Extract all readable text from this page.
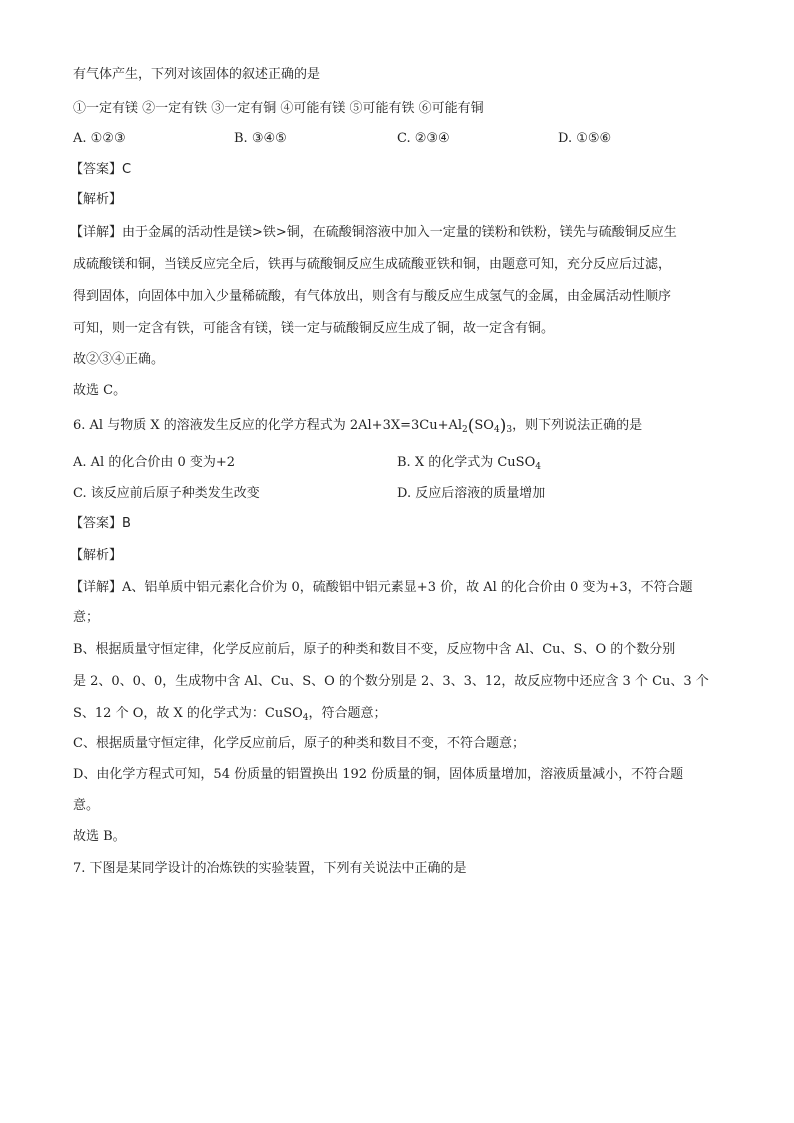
有气体产生，下列对该固体的叙述正确的是
①一定有镁 ②一定有铁 ③一定有铜 ④可能有镁 ⑤可能有铁 ⑥可能有铜
A. ①②③	B. ③④⑤	C. ②③④	D. ①⑤⑥
【答案】C
【解析】
【详解】由于金属的活动性是镁>铁>铜，在硫酸铜溶液中加入一定量的镁粉和铁粉，镁先与硫酸铜反应生
成硫酸镁和铜，当镁反应完全后，铁再与硫酸铜反应生成硫酸亚铁和铜，由题意可知，充分反应后过滤，
得到固体，向固体中加入少量稀硫酸，有气体放出，则含有与酸反应生成氢气的金属，由金属活动性顺序
可知，则一定含有铁，可能含有镁，镁一定与硫酸铜反应生成了铜，故一定含有铜。
故②③④正确。
故选 C。
6. Al 与物质 X 的溶液发生反应的化学方程式为 $2Al+3X=3Cu+Al_2(SO_4)_3$，则下列说法正确的是
A. Al 的化合价由 0 变为+2	B. X 的化学式为 CuSO$_4$
C. 该反应前后原子种类发生改变	D. 反应后溶液的质量增加
【答案】B
【解析】
【详解】A、铝单质中铝元素化合价为 0，硫酸铝中铝元素显+3 价，故 Al 的化合价由 0 变为+3，不符合题
意；
B、根据质量守恒定律，化学反应前后，原子的种类和数目不变，反应物中含 Al、Cu、S、O 的个数分别
是 2、0、0、0，生成物中含 Al、Cu、S、O 的个数分别是 2、3、3、12，故反应物中还应含 3 个 Cu、3 个
S、12 个 O，故 X 的化学式为：CuSO$_4$，符合题意；
C、根据质量守恒定律，化学反应前后，原子的种类和数目不变，不符合题意；
D、由化学方程式可知，54 份质量的铝置换出 192 份质量的铜，固体质量增加，溶液质量减小，不符合题
意。
故选 B。
7. 下图是某同学设计的冶炼铁的实验装置，下列有关说法中正确的是
